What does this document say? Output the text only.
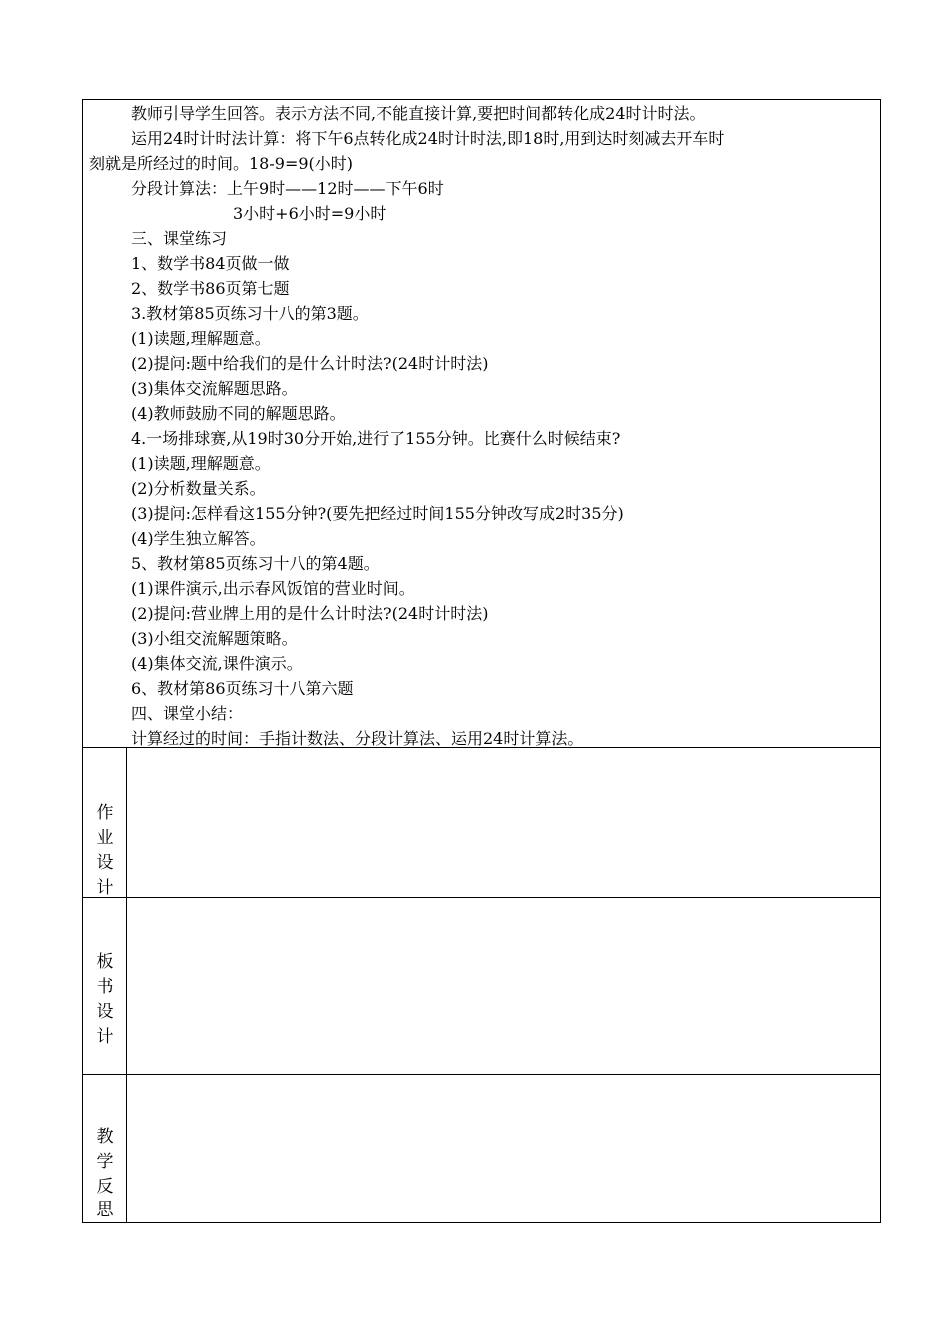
教师引导学生回答。表示方法不同,不能直接计算,要把时间都转化成24时计时法。
运用24时计时法计算：将下午6点转化成24时计时法,即18时,用到达时刻减去开车时
刻就是所经过的时间。18-9=9(小时)
分段计算法：上午9时——12时——下午6时
3小时+6小时=9小时
三、课堂练习
1、数学书84页做一做
2、数学书86页第七题
3.教材第85页练习十八的第3题。
(1)读题,理解题意。
(2)提问:题中给我们的是什么计时法?(24时计时法)
(3)集体交流解题思路。
(4)教师鼓励不同的解题思路。
4.一场排球赛,从19时30分开始,进行了155分钟。比赛什么时候结束?
(1)读题,理解题意。
(2)分析数量关系。
(3)提问:怎样看这155分钟?(要先把经过时间155分钟改写成2时35分)
(4)学生独立解答。
5、教材第85页练习十八的第4题。
(1)课件演示,出示春风饭馆的营业时间。
(2)提问:营业牌上用的是什么计时法?(24时计时法)
(3)小组交流解题策略。
(4)集体交流,课件演示。
6、教材第86页练习十八第六题
四、课堂小结：
计算经过的时间：手指计数法、分段计算法、运用24时计算法。
作
业
设
计
板
书
设
计
教
学
反
思
